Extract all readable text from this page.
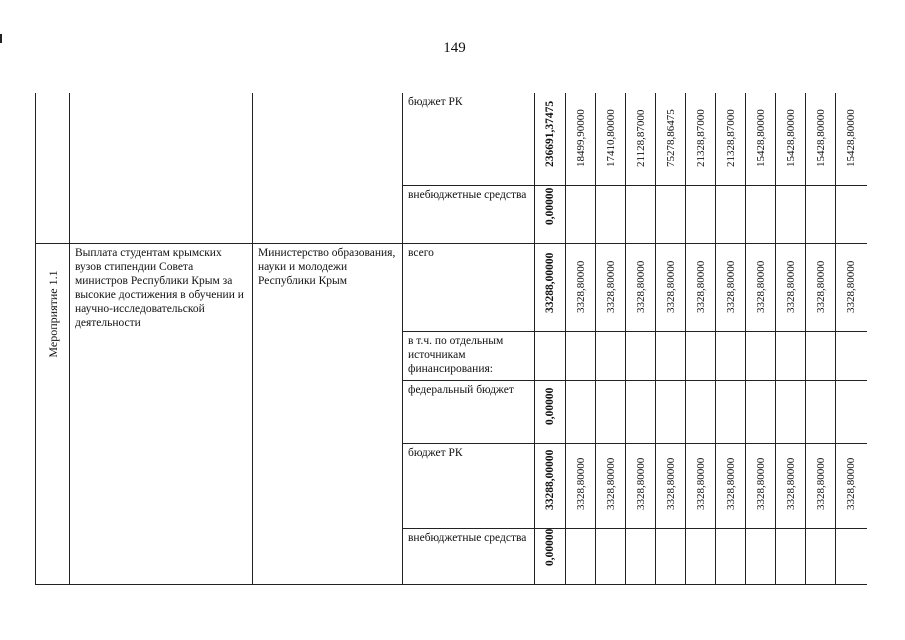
149

			бюджет РК	236691,37475	18499,90000	17410,80000	21128,87000	75278,86475	21328,87000	21328,87000	15428,80000	15428,80000	15428,80000	15428,80000

			внебюджетные средства	0,00000										

Мероприятие 1.1	Выплата студентам крымских вузов стипендии Совета министров Республики Крым за высокие достижения в обучении и научно-исследовательской деятельности	Министерство образования, науки и молодежи Республики Крым	всего	33288,00000	3328,80000	3328,80000	3328,80000	3328,80000	3328,80000	3328,80000	3328,80000	3328,80000	3328,80000	3328,80000

			в т.ч. по отдельным источникам финансирования:											

			федеральный бюджет	0,00000										

			бюджет РК	33288,00000	3328,80000	3328,80000	3328,80000	3328,80000	3328,80000	3328,80000	3328,80000	3328,80000	3328,80000	3328,80000

			внебюджетные средства	0,00000										
